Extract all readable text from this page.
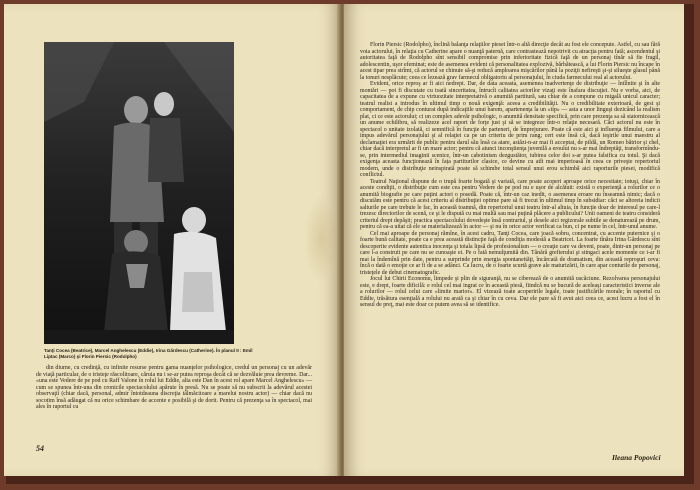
Tanţi Cocea (Beatrice), Marcel Anghelescu (Eddie), Irina Gărdescu (Catherine). În planul II : Emil Liptac (Marco) şi Florin Piersic (Rodolpho)

din diurne, cu credinţă, cu infinite resurse pentru gama nuanţelor psihologice, credul un personaj cu un adevăr de viaţă particular, de o tristeţe răscolitoare, căruia nu i se-ar putea reproşa decât că se dezvăluie prea devreme. Dar... «una este Vedere de pe pod cu Raff Valone în rolul lui Eddie, alta este Dan în acest rol apare Marcel Anghelescu» — cum se spunea într-una din cronicile spectacolului apărute în presă. Nu se poate să nu subscrii la adevărul acestei observaţii (chiar dacă, personal, admir întotdeauna discreţia tâlmăcitoare a marelui nostru actor) — chiar dacă nu socotim însă adăugat că nu orice schimbare de accente e posibilă şi de dorit. Pentru că prezenţa sa în spectacol, mai ales în raportul cu

54

Florin Piersic (Rodolpho), înclină balanţa relaţiilor piesei într-o altă direcţie decât au fost ele concepute. Astfel, cu sau fără voia actorului, în relaţia cu Catherine apare o nuanţă paternă, care contrastează nepotrivit cu atracţia pentru fată; ascendentul şi autoritatea faţă de Rodolpho sînt sensibil compromise prin inferioritate fizică faţă de un personaj tînăr să fie fragil, adolescentin, uşor efeminat; este de asemenea evident că personalitatea explozivă, bărbătească, a lui Florin Piersic nu încape în acest tipar prea strîmt, că actorul se chinuie să-şi reducă amploarea mişcărilor până la poziţii nefireşti şi-şi silueşte glasul până la tonuri nesplăcute; ceea ce lezează grav farmecul obligatoriu al personajului, în ciuda farmecului real al actorului.

Evident, orice reproş ar fi aici nedrept. Dar, de data aceasta, asemenea inadvertenţe de distribuţie — întîlnite şi în alte montări — pot fi discutate cu toată sinceritatea, întrucît calitatea actorilor vizaţi este înafara discuţiei. Nu e vorba, aici, de capacitatea de a expune cu virtuozitate interpretativă o anumită partitură, sau chiar de a compune cu migală unicul caracter; teatrul realist a introdus în ultimul timp o nouă exigenţă: aceea a credibilităţii. Nu o credibilitate exterioară, de gest şi comportament, de chip conturat după indicaţiile unui barem, apartenenţa la un «tip» — asta a unor linguşi dezicând la realism plat, ci ce este actorului; ci un complex adevăr psihologic, o anumită densitate specifică, prin care prezenţa sa să statornicească un anume echilibru, să realizeze acel raport de forţe just şi să se integreze într-o relaţie necesară. Căci actorul nu este în spectacol o unitate izolată, ci semnifică în funcţie de parteneri, de împrejurare. Poate că este aici şi influenţa filmului, care a impus adevărul personajului şi al relaţiei ca pe un criteriu de prim rang; cert este însă că, dacă ieşirile unui maestru al declamaţiei era urmărit de public pentru darul său însă ca atare, astăzi-n-ar mai fi acceptat, de pildă, un Romeo bătrior şi chel, chiar dacă interpretul ar fi un mare actor; pentru că atunci inconştienţa juvenilă a eroului nu s-ar mai îndreptăţi, transformîndu-se, prin intermediul imaginii scenice, într-un cabotinism dezgustător, iubirea celor doi s-ar putea falsifica cu totul. Şi dacă exigenţa aceasta funcţionează în fața partiturilor clasice, ce devine cu atît mai imperioasă în ceea ce priveşte repertoriul modern, unde o distribuţie neinspirată poate să schimbe total sensul unui erou schimbă aici raporturile piesei, modifică conflictul.

Teatrul Naţional dispune de o trupă foarte bogată şi variată, care poate acoperi aproape orice necesitate; totuşi, chiar în aceste condiţii, o distribuţie cum este cea pentru Vedere de pe pod nu e uşor de alcătuit: există o experienţă a rolurilor ce o anumită biografie pe care puţini actori o posedă. Poate că, într-un caz inedit, o asemenea eroare nu înseamnă nimic; dacă o discutăm este pentru că acest criteriu al distribuţiei optime pare să fi trecut în ultimul timp în subsidiar: căci se altoreia indicii salturile pe care trebuie le fac, în această toamnă, din repertoriul unui teatru într-al altuia, în funcţie doar de interesul pe care-l trezesc directorilor de scenă, ce şi le dispută cu mai multă sau mai puţină plăcere a publicului? Unii oameni de teatru consideră criteriul drept depăşit; practica spectacolului dovedeşte însă contrariul, şi desele aici regizorale subtile se denaturează pe drum, pentru că ea-a uitat că ele se materializează în actor — şi nu în orice actor verificat ca bun, ci pe nume în cel, într-unul anume.

Cel mai aproape de personaj rămîne, în acest cadru, Tanţi Cocea, care joacă sobru, concentrat, cu accente puternice şi o foarte bună calitate, poate ca e prea această distincţie faţă de condiţia modestă a Beatricei. La foarte tînăra Irina Gărdescu sînt descoperite evidente autentica inocenţa şi totala lipsă de profesionalism — o creaţie care va deveni, poate, dintr-un personaj pe care l-a construit pe care nu se cunoaşte ei. Pe o fată nemulţumită din. Tânără grefierului şi stingaci acele momente ce i-ar fi mai la îndemînă prin date, pentru a surprinde prin energia spontaneităţi, încărcată de dramatism, din această reproşuri ceva: încă o dată o emoţie ce ar fi de a se adânci. Ca lucru, de o foarte scurtă grave ale maturizării, în care apar conturile de personaj, tristeţele de debut cinematografic.

Jocul lui Chirii Economu, limpede şi plin de siguranţă, nu se ciberează de o anumită uscăciune. Rezolvarea personajului este, e drept, foarte dificilă: e rolul cel mai ingrat ce în această piesă, fiindcă nu se bucură de aceleaşi caracteristici inverse ale a rolurilor — rolul celui care «limite marior». El vizează toate acoperirile legale, toate justificările morale; în raportul cu Eddie, trăsătura esenţială a rolului nu arată ca şi chiar în cu ceva. Dar ele pare să fi avut aici ceea ce, acest lucru a fost el în sensul de preţ, mai este doar ce putem avea să se identifice.

Ileana Popovici
